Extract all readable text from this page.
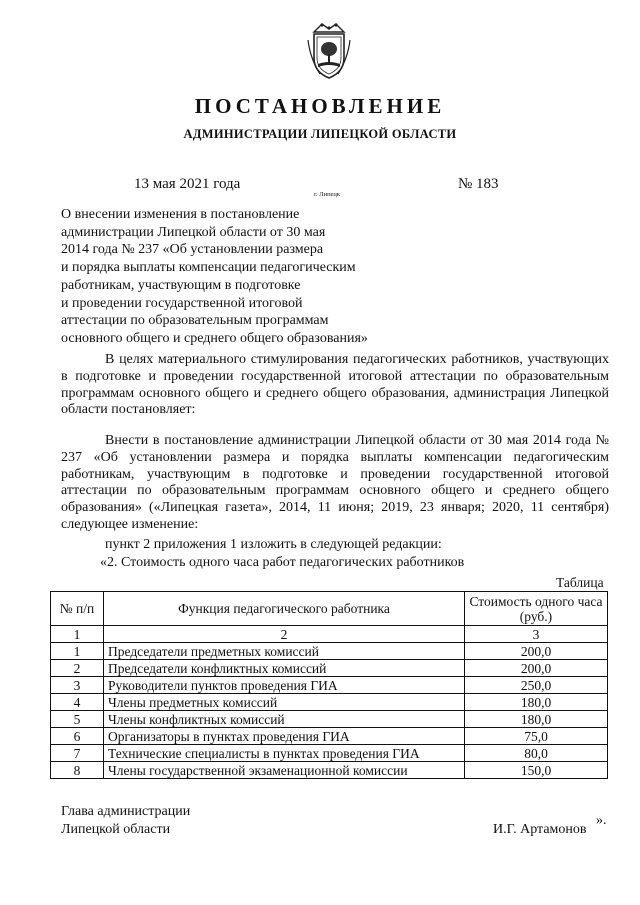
ПОСТАНОВЛЕНИЕ
АДМИНИСТРАЦИИ ЛИПЕЦКОЙ ОБЛАСТИ
13 мая 2021 года
г. Липецк
№ 183

О внесении изменения в постановление
администрации Липецкой области от 30 мая
2014 года № 237 «Об установлении размера
и порядка выплаты компенсации педагогическим
работникам, участвующим в подготовке
и проведении государственной итоговой
аттестации по образовательным программам
основного общего и среднего общего образования»

В целях материального стимулирования педагогических работников, участвующих в подготовке и проведении государственной итоговой аттестации по образовательным программам основного общего и среднего общего образования, администрация Липецкой области постановляет:

Внести в постановление администрации Липецкой области от 30 мая 2014 года № 237 «Об установлении размера и порядка выплаты компенсации педагогическим работникам, участвующим в подготовке и проведении государственной итоговой аттестации по образовательным программам основного общего и среднего общего образования» («Липецкая газета», 2014, 11 июня; 2019, 23 января; 2020, 11 сентября) следующее изменение:

пункт 2 приложения 1 изложить в следующей редакции:

«2. Стоимость одного часа работ педагогических работников

Таблица
№ п/п	Функция педагогического работника	Стоимость одного часа (руб.)
1	2	3
1	Председатели предметных комиссий	200,0
2	Председатели конфликтных комиссий	200,0
3	Руководители пунктов проведения ГИА	250,0
4	Члены предметных комиссий	180,0
5	Члены конфликтных комиссий	180,0
6	Организаторы в пунктах проведения ГИА	75,0
7	Технические специалисты в пунктах проведения ГИА	80,0
8	Члены государственной экзаменационной комиссии	150,0
».
Глава администрации
Липецкой области	И.Г. Артамонов
